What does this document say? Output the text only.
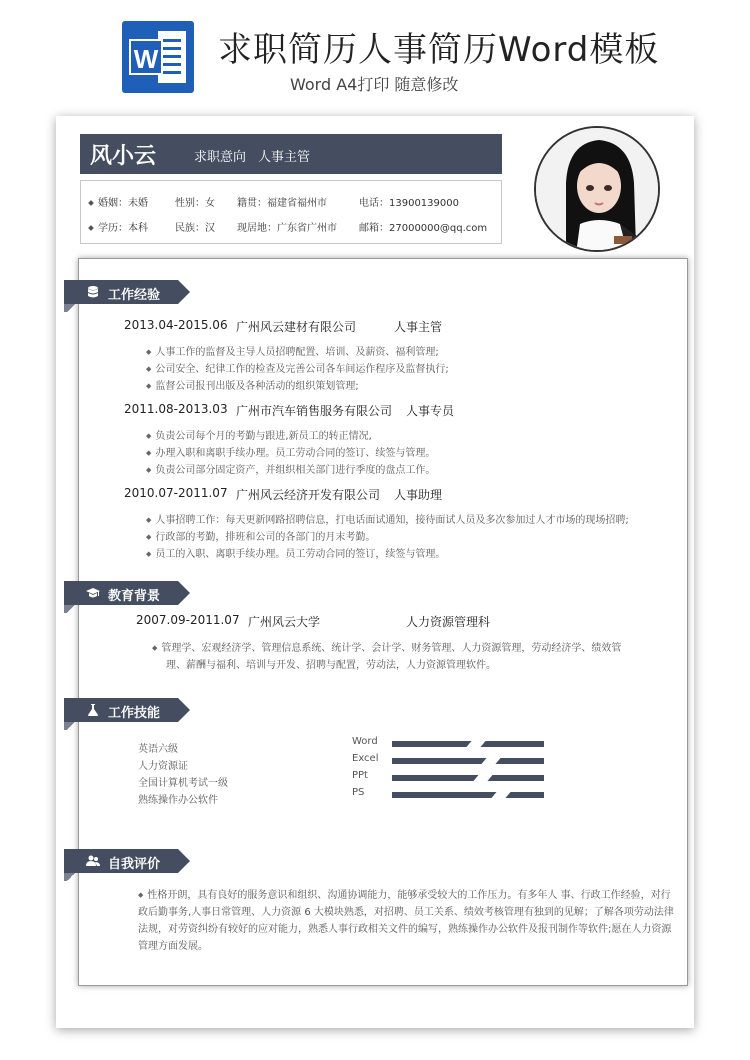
W 求职简历人事简历Word模板
Word A4打印 随意修改
风小云	求职意向 人事主管
婚姻：未婚	性别：女 籍贯：福建省福州市	电话：13900139000
学历：本科	民族：汉 现居地：广东省广州市 邮箱：27000000@qq.com
工作经验
2013.04-2015.06 广州风云建材有限公司	人事主管
◆ 人事工作的监督及主导人员招聘配置、培训、及薪资、福利管理;
◆ 公司安全、纪律工作的检查及完善公司各车间运作程序及监督执行;
◆ 监督公司报刊出版及各种活动的组织策划管理;
2011.08-2013.03 广州市汽车销售服务有限公司 人事专员
◆ 负责公司每个月的考勤与跟进,新员工的转正情况,
◆ 办理入职和离职手续办理。员工劳动合同的签订、续签与管理。
◆ 负责公司部分固定资产，并组织相关部门进行季度的盘点工作。
2010.07-2011.07 广州风云经济开发有限公司 人事助理
◆ 人事招聘工作：每天更新网路招聘信息，打电话面试通知，接待面试人员及多次参加过人才市场的现场招聘;
◆ 行政部的考勤，排班和公司的各部门的月末考勤。
◆ 员工的入职、离职手续办理。员工劳动合同的签订，续签与管理。
教育背景
2007.09-2011.07 广州风云大学	人力资源管理科
◆ 管理学、宏观经济学、管理信息系统、统计学、会计学、财务管理、人力资源管理，劳动经济学、绩效管
理、薪酬与福利、培训与开发、招聘与配置，劳动法，人力资源管理软件。
工作技能
英语六级
人力资源证
全国计算机考试一级
熟练操作办公软件
Word
Excel
PPt
PS
自我评价
◆ 性格开朗，具有良好的服务意识和组织、沟通协调能力，能够承受较大的工作压力。有多年人 事、行政工作经验，对行
政后勤事务,人事日常管理、人力资源 6 大模块熟悉，对招聘、员工关系、绩效考核管理有独到的见解；了解各项劳动法律
法规，对劳资纠纷有较好的应对能力，熟悉人事行政相关文件的编写，熟练操作办公软件及报刊制作等软件;愿在人力资源
管理方面发展。
